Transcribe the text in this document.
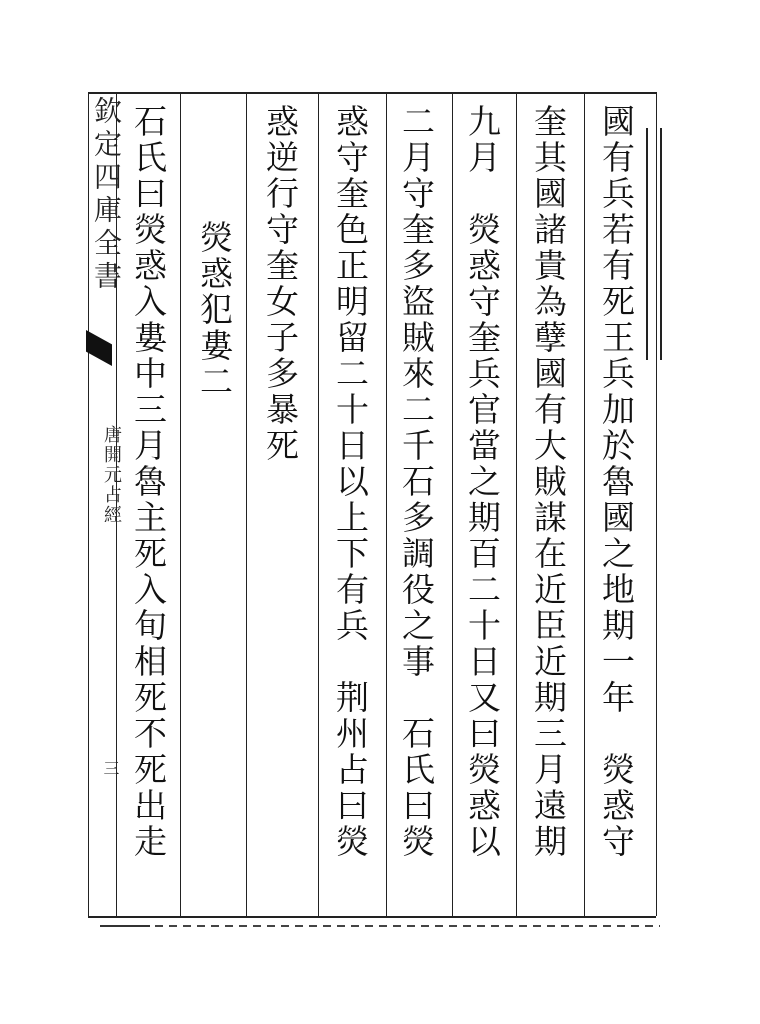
欽定四庫全書
唐開元占經
三	國有兵若有死王兵加於魯國之地期一年　熒惑守
奎其國諸貴為孽國有大賊謀在近臣近期三月遠期
九月　熒惑守奎兵官當之期百二十日又曰熒惑以
二月守奎多盜賊來二千石多調役之事　石氏曰熒
惑守奎色正明留二十日以上下有兵　荆州占曰熒
惑逆行守奎女子多暴死
熒惑犯婁二
石氏曰熒惑入婁中三月魯主死入旬相死不死出走
